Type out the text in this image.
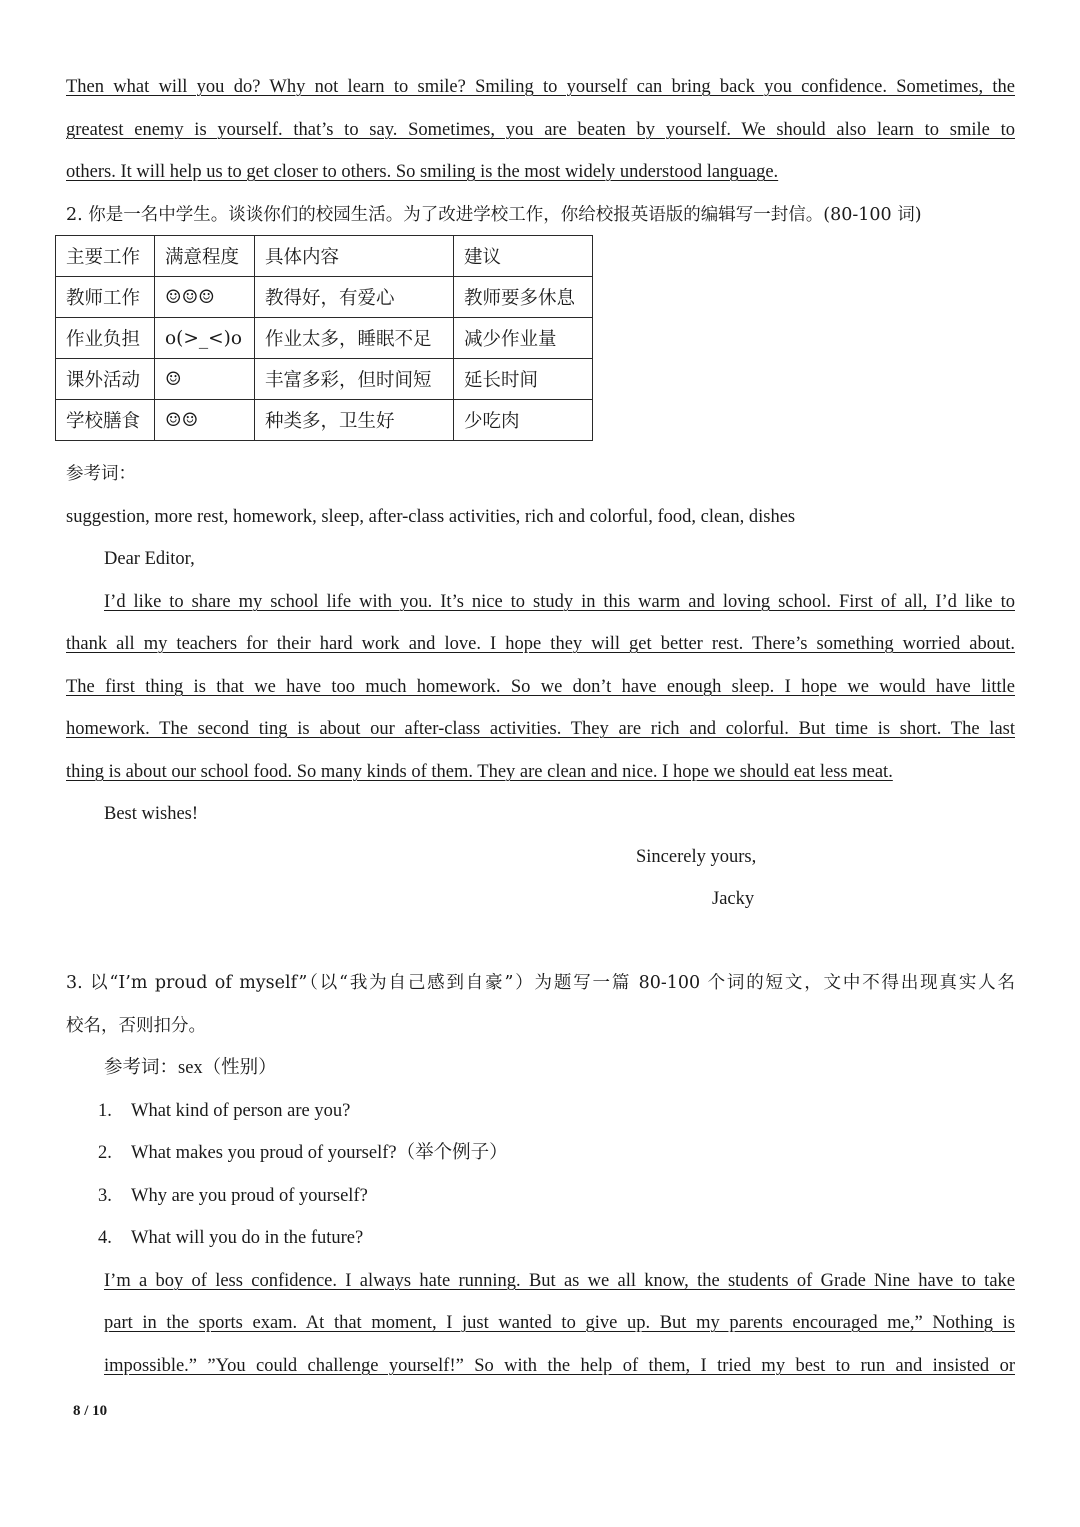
Then what will you do? Why not learn to smile? Smiling to yourself can bring back you confidence. Sometimes, the
greatest enemy is yourself. that’s to say. Sometimes, you are beaten by yourself. We should also learn to smile to
others. It will help us to get closer to others. So smiling is the most widely understood language.
2. 你是一名中学生。谈谈你们的校园生活。为了改进学校工作，你给校报英语版的编辑写一封信。(80-100 词)
主要工作	满意程度	具体内容	建议
教师工作	☺☺☺	教得好，有爱心	教师要多休息
作业负担	o(>_<)o	作业太多，睡眠不足	减少作业量
课外活动	☺	丰富多彩，但时间短	延长时间
学校膳食	☺☺	种类多，卫生好	少吃肉
参考词：
suggestion, more rest, homework, sleep, after-class activities, rich and colorful, food, clean, dishes
Dear Editor,
I’d like to share my school life with you. It’s nice to study in this warm and loving school. First of all, I’d like to
thank all my teachers for their hard work and love. I hope they will get better rest. There’s something worried about.
The first thing is that we have too much homework. So we don’t have enough sleep. I hope we would have little
homework. The second ting is about our after-class activities. They are rich and colorful. But time is short. The last
thing is about our school food. So many kinds of them. They are clean and nice. I hope we should eat less meat.
Best wishes!
Sincerely yours,
Jacky
3. 以“I’m proud of myself”（以“我为自己感到自豪”）为题写一篇 80-100 个词的短文，文中不得出现真实人名
校名，否则扣分。
参考词：sex（性别）
1.	What kind of person are you?
2.	What makes you proud of yourself?（举个例子）
3.	Why are you proud of yourself?
4.	What will you do in the future?
I’m a boy of less confidence. I always hate running. But as we all know, the students of Grade Nine have to take
part in the sports exam. At that moment, I just wanted to give up. But my parents encouraged me,” Nothing is
impossible.” ”You could challenge yourself!” So with the help of them, I tried my best to run and insisted or
8 / 10
